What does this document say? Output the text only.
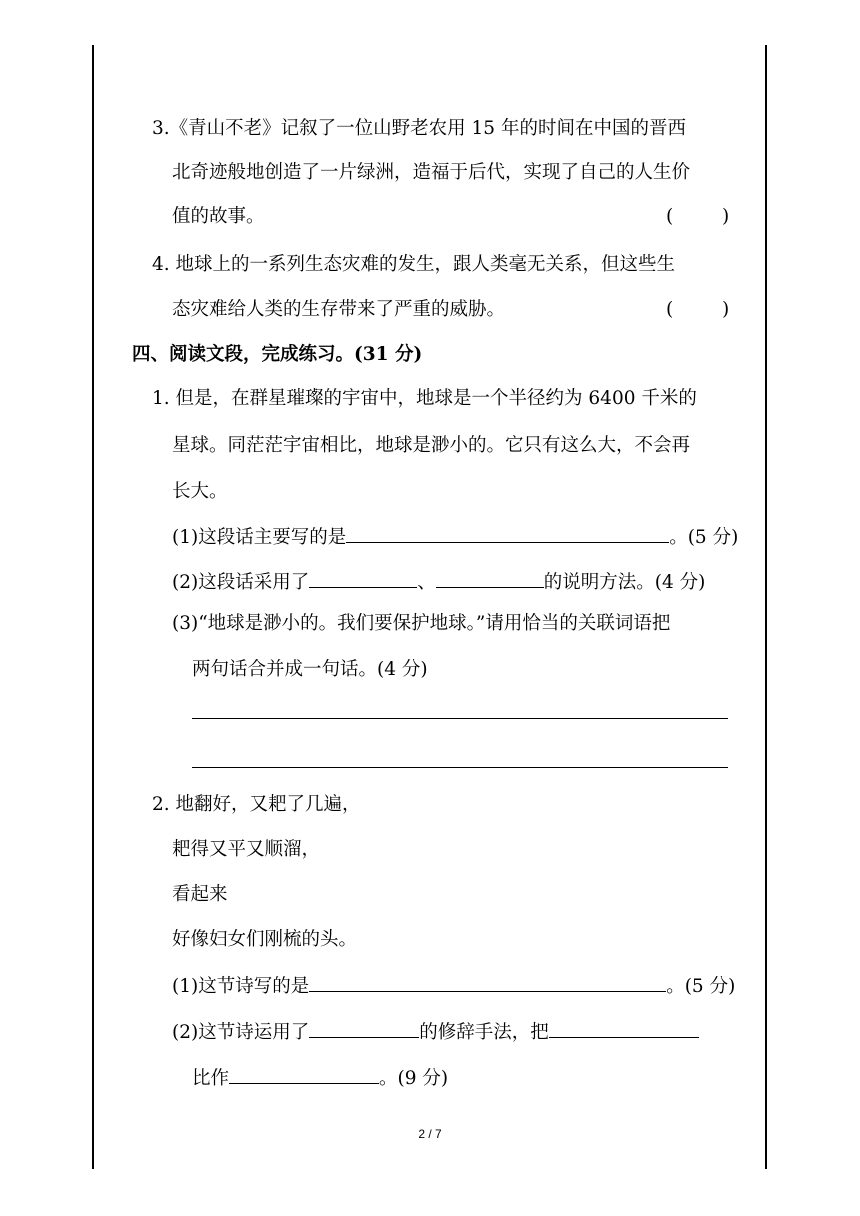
3.《青山不老》记叙了一位山野老农用 15 年的时间在中国的晋西
北奇迹般地创造了一片绿洲，造福于后代，实现了自己的人生价
值的故事。	(	)
4. 地球上的一系列生态灾难的发生，跟人类毫无关系，但这些生
态灾难给人类的生存带来了严重的威胁。	(	)
四、阅读文段，完成练习。(31 分)
1. 但是，在群星璀璨的宇宙中，地球是一个半径约为 6400 千米的
星球。同茫茫宇宙相比，地球是渺小的。它只有这么大，不会再
长大。
(1)这段话主要写的是	。(5 分)
(2)这段话采用了	、	的说明方法。(4 分)
(3)“地球是渺小的。我们要保护地球。”请用恰当的关联词语把
两句话合并成一句话。(4 分)
2. 地翻好，又耙了几遍，
耙得又平又顺溜，
看起来
好像妇女们刚梳的头。
(1)这节诗写的是	。(5 分)
(2)这节诗运用了	的修辞手法，把
比作	。(9 分)
2 / 7
